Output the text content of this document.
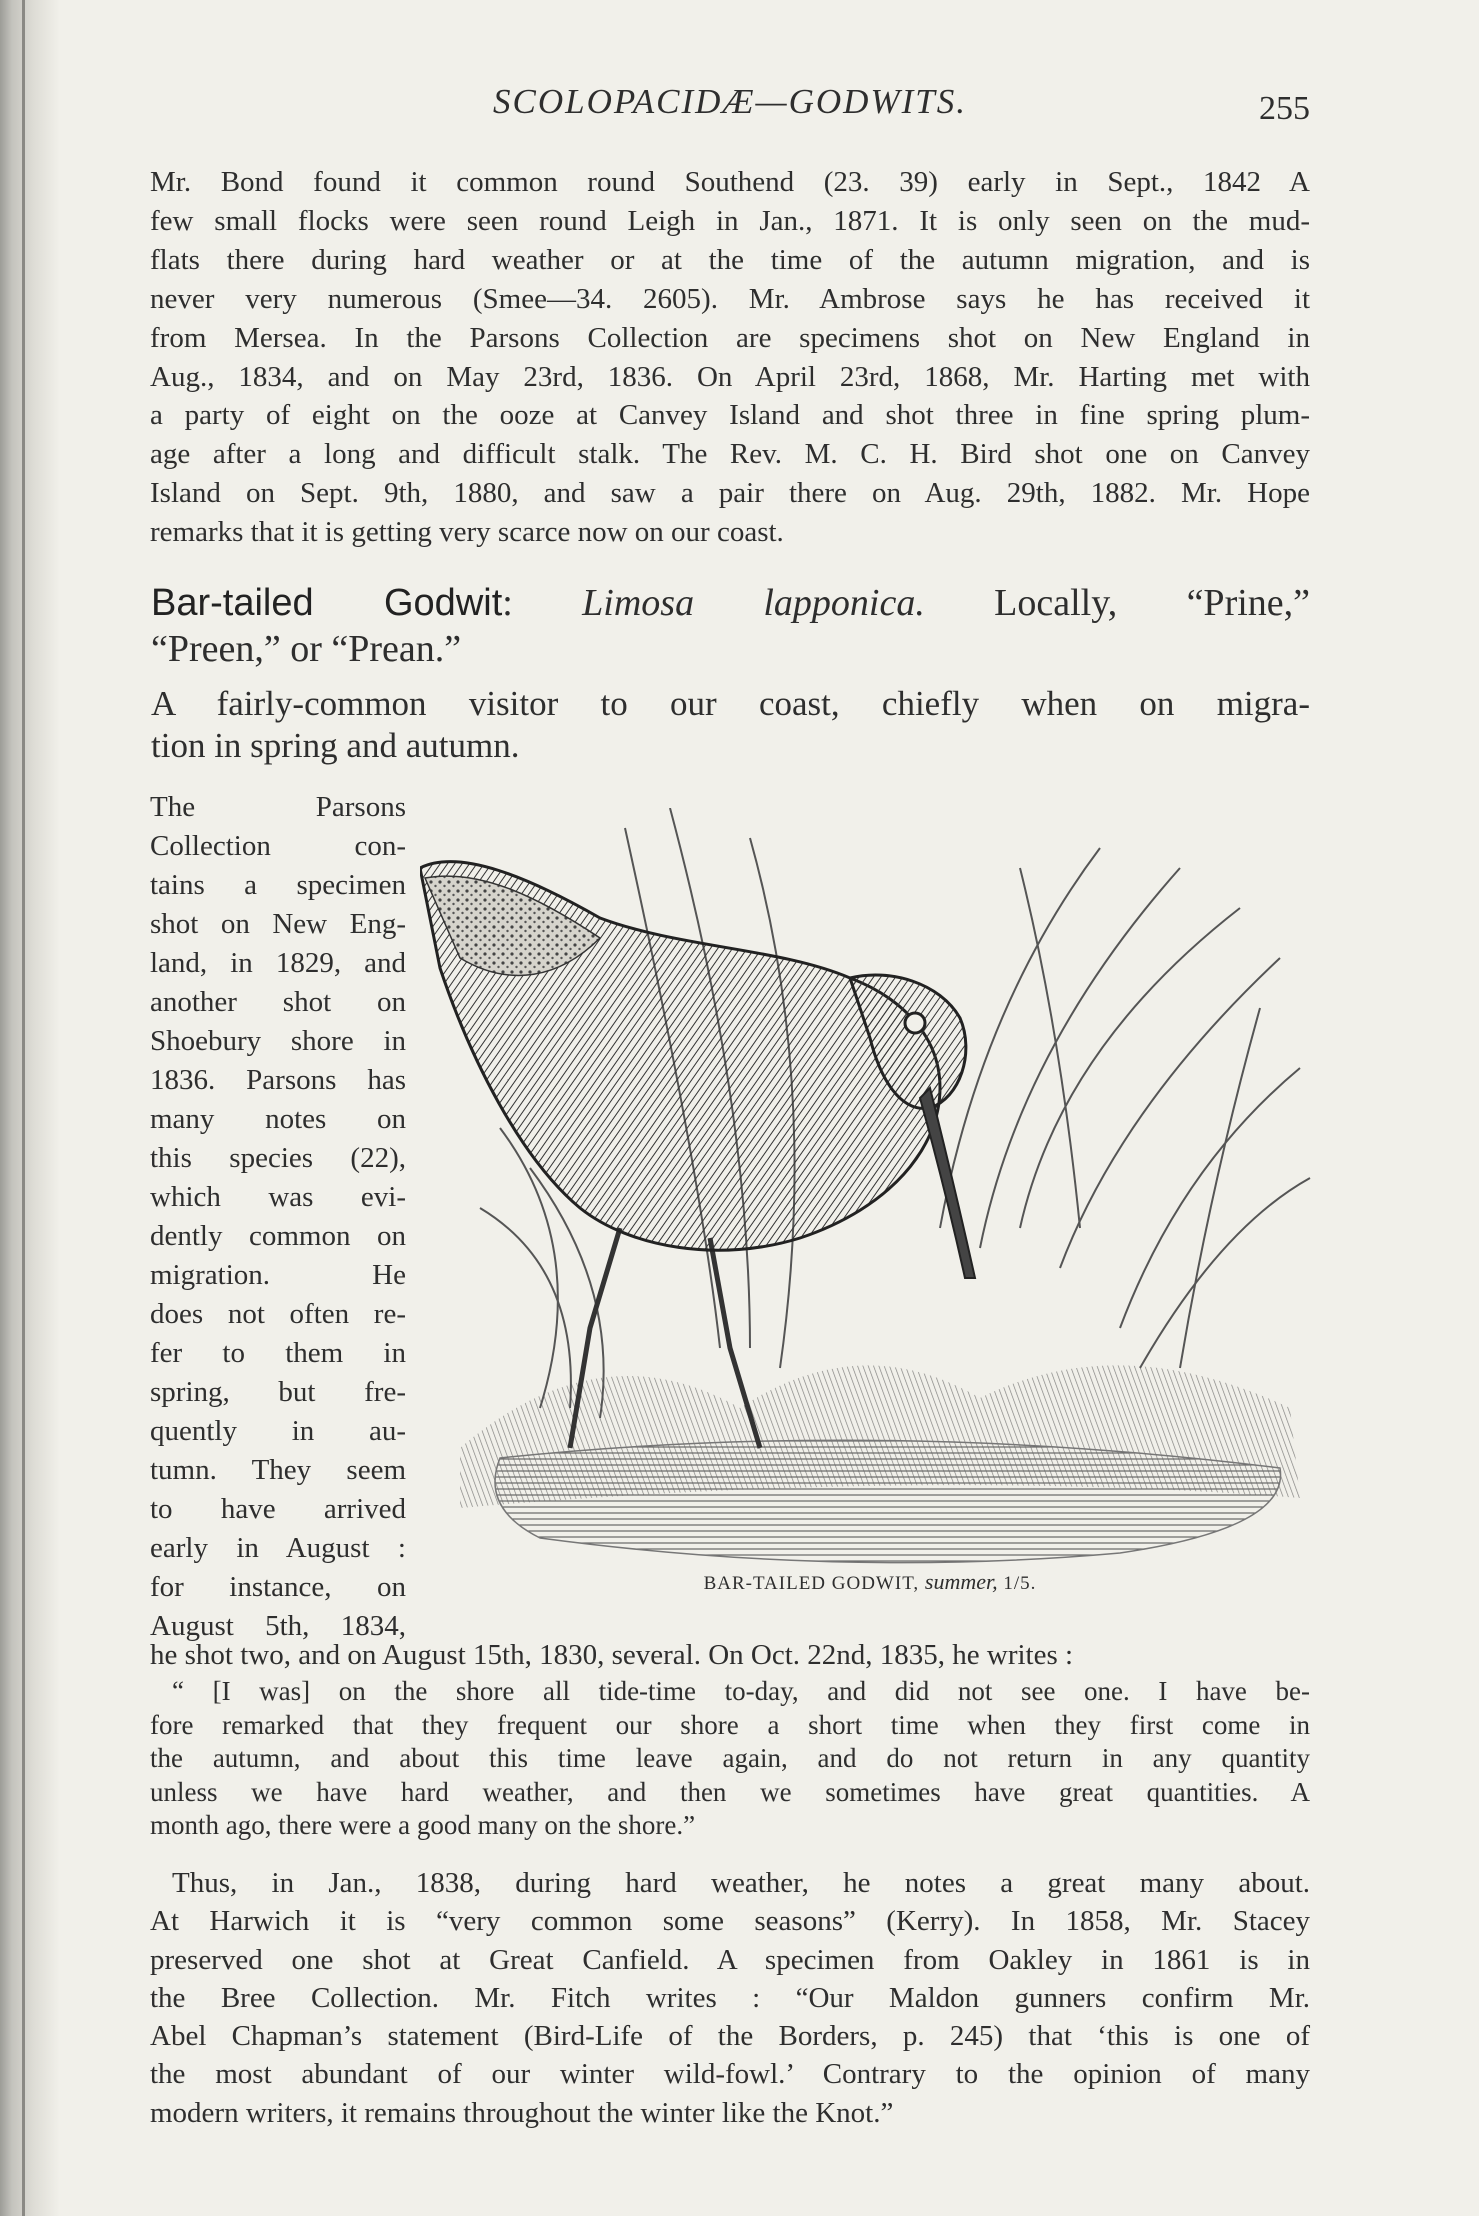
SCOLOPACIDÆ—GODWITS.	255
Mr. Bond found it common round Southend (23. 39) early in Sept., 1842 A
few small flocks were seen round Leigh in Jan., 1871. It is only seen on the mud-
flats there during hard weather or at the time of the autumn migration, and is
never very numerous (Smee—34. 2605). Mr. Ambrose says he has received it
from Mersea. In the Parsons Collection are specimens shot on New England in
Aug., 1834, and on May 23rd, 1836. On April 23rd, 1868, Mr. Harting met with
a party of eight on the ooze at Canvey Island and shot three in fine spring plum-
age after a long and difficult stalk. The Rev. M. C. H. Bird shot one on Canvey
Island on Sept. 9th, 1880, and saw a pair there on Aug. 29th, 1882. Mr. Hope
remarks that it is getting very scarce now on our coast.
Bar-tailed Godwit: Limosa lapponica. Locally, “Prine,”
“Preen,” or “Prean.”
A fairly-common visitor to our coast, chiefly when on migra-
tion in spring and autumn.
The Parsons
Collection con-
tains a specimen
shot on New Eng-
land, in 1829, and
another shot on
Shoebury shore in
1836. Parsons has
many notes on
this species (22),
which was evi-
dently common on
migration. He
does not often re-
fer to them in
spring, but fre-
quently in au-
tumn. They seem
to have arrived
early in August :
for instance, on
August 5th, 1834,
BAR-TAILED GODWIT, summer, 1/5.
he shot two, and on August 15th, 1830, several. On Oct. 22nd, 1835, he writes :
“ [I was] on the shore all tide-time to-day, and did not see one. I have be-
fore remarked that they frequent our shore a short time when they first come in
the autumn, and about this time leave again, and do not return in any quantity
unless we have hard weather, and then we sometimes have great quantities. A
month ago, there were a good many on the shore.”
Thus, in Jan., 1838, during hard weather, he notes a great many about.
At Harwich it is “very common some seasons” (Kerry). In 1858, Mr. Stacey
preserved one shot at Great Canfield. A specimen from Oakley in 1861 is in
the Bree Collection. Mr. Fitch writes : “Our Maldon gunners confirm Mr.
Abel Chapman’s statement (Bird-Life of the Borders, p. 245) that ‘this is one of
the most abundant of our winter wild-fowl.’ Contrary to the opinion of many
modern writers, it remains throughout the winter like the Knot.”
